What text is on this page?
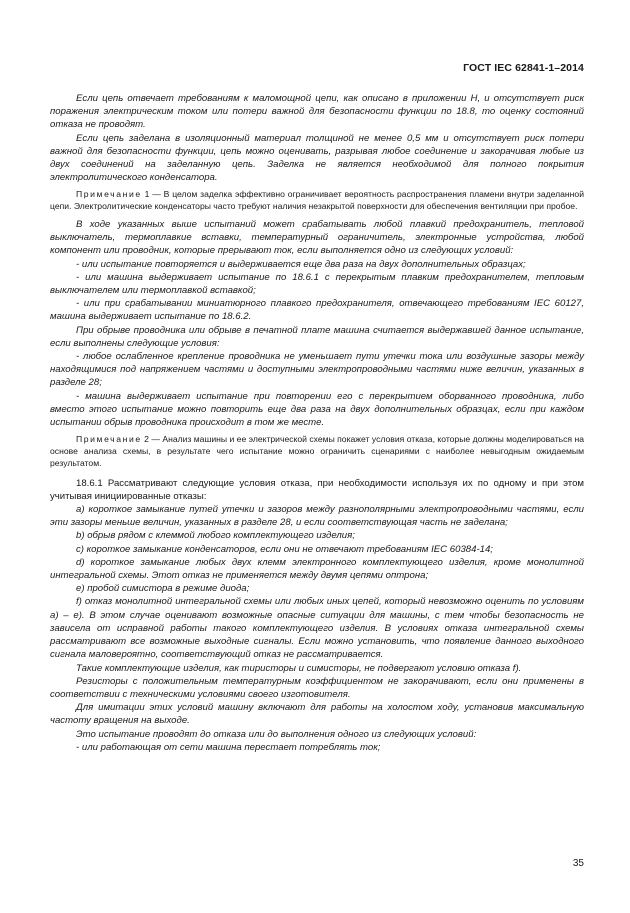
ГОСТ IEC 62841-1–2014

Если цепь отвечает требованиям к маломощной цепи, как описано в приложении Н, и отсутствует риск поражения электрическим током или потери важной для безопасности функции по 18.8, то оценку состояний отказа не проводят.

Если цепь заделана в изоляционный материал толщиной не менее 0,5 мм и отсутствует риск потери важной для безопасности функции, цепь можно оценивать, разрывая любое соединение и закорачивая любые из двух соединений на заделанную цепь. Заделка не является необходимой для полного покрытия электролитического конденсатора.

Примечание 1 — В целом заделка эффективно ограничивает вероятность распространения пламени внутри заделанной цепи. Электролитические конденсаторы часто требуют наличия незакрытой поверхности для обеспечения вентиляции при пробое.

В ходе указанных выше испытаний может срабатывать любой плавкий предохранитель, тепловой выключатель, термоплавкие вставки, температурный ограничитель, электронные устройства, любой компонент или проводник, которые прерывают ток, если выполняется одно из следующих условий:

- или испытание повторяется и выдерживается еще два раза на двух дополнительных образцах;

- или машина выдерживает испытание по 18.6.1 с перекрытым плавким предохранителем, тепловым выключателем или термоплавкой вставкой;

- или при срабатывании миниатюрного плавкого предохранителя, отвечающего требованиям IEC 60127, машина выдерживает испытание по 18.6.2.

При обрыве проводника или обрыве в печатной плате машина считается выдержавшей данное испытание, если выполнены следующие условия:

- любое ослабленное крепление проводника не уменьшает пути утечки тока или воздушные зазоры между находящимися под напряжением частями и доступными электропроводными частями ниже величин, указанных в разделе 28;

- машина выдерживает испытание при повторении его с перекрытием оборванного проводника, либо вместо этого испытание можно повторить еще два раза на двух дополнительных образцах, если при каждом испытании обрыв проводника происходит в том же месте.

Примечание 2 — Анализ машины и ее электрической схемы покажет условия отказа, которые должны моделироваться на основе анализа схемы, в результате чего испытание можно ограничить сценариями с наиболее невыгодным ожидаемым результатом.

18.6.1 Рассматривают следующие условия отказа, при необходимости используя их по одному и при этом учитывая инициированные отказы:

а) короткое замыкание путей утечки и зазоров между разнополярными электропроводными частями, если эти зазоры меньше величин, указанных в разделе 28, и если соответствующая часть не заделана;

b) обрыв рядом с клеммой любого комплектующего изделия;

c) короткое замыкание конденсаторов, если они не отвечают требованиям IEC 60384-14;

d) короткое замыкание любых двух клемм электронного комплектующего изделия, кроме монолитной интегральной схемы. Этот отказ не применяется между двумя цепями оптрона;

e) пробой симистора в режиме диода;

f) отказ монолитной интегральной схемы или любых иных цепей, который невозможно оценить по условиям а) – е). В этом случае оценивают возможные опасные ситуации для машины, с тем чтобы безопасность не зависела от исправной работы такого комплектующего изделия. В условиях отказа интегральной схемы рассматривают все возможные выходные сигналы. Если можно установить, что появление данного выходного сигнала маловероятно, соответствующий отказ не рассматривается.

Такие комплектующие изделия, как тиристоры и симисторы, не подвергают условию отказа f).

Резисторы с положительным температурным коэффициентом не закорачивают, если они применены в соответствии с техническими условиями своего изготовителя.

Для имитации этих условий машину включают для работы на холостом ходу, установив максимальную частоту вращения на выходе.

Это испытание проводят до отказа или до выполнения одного из следующих условий:

- или работающая от сети машина перестает потреблять ток;

35
